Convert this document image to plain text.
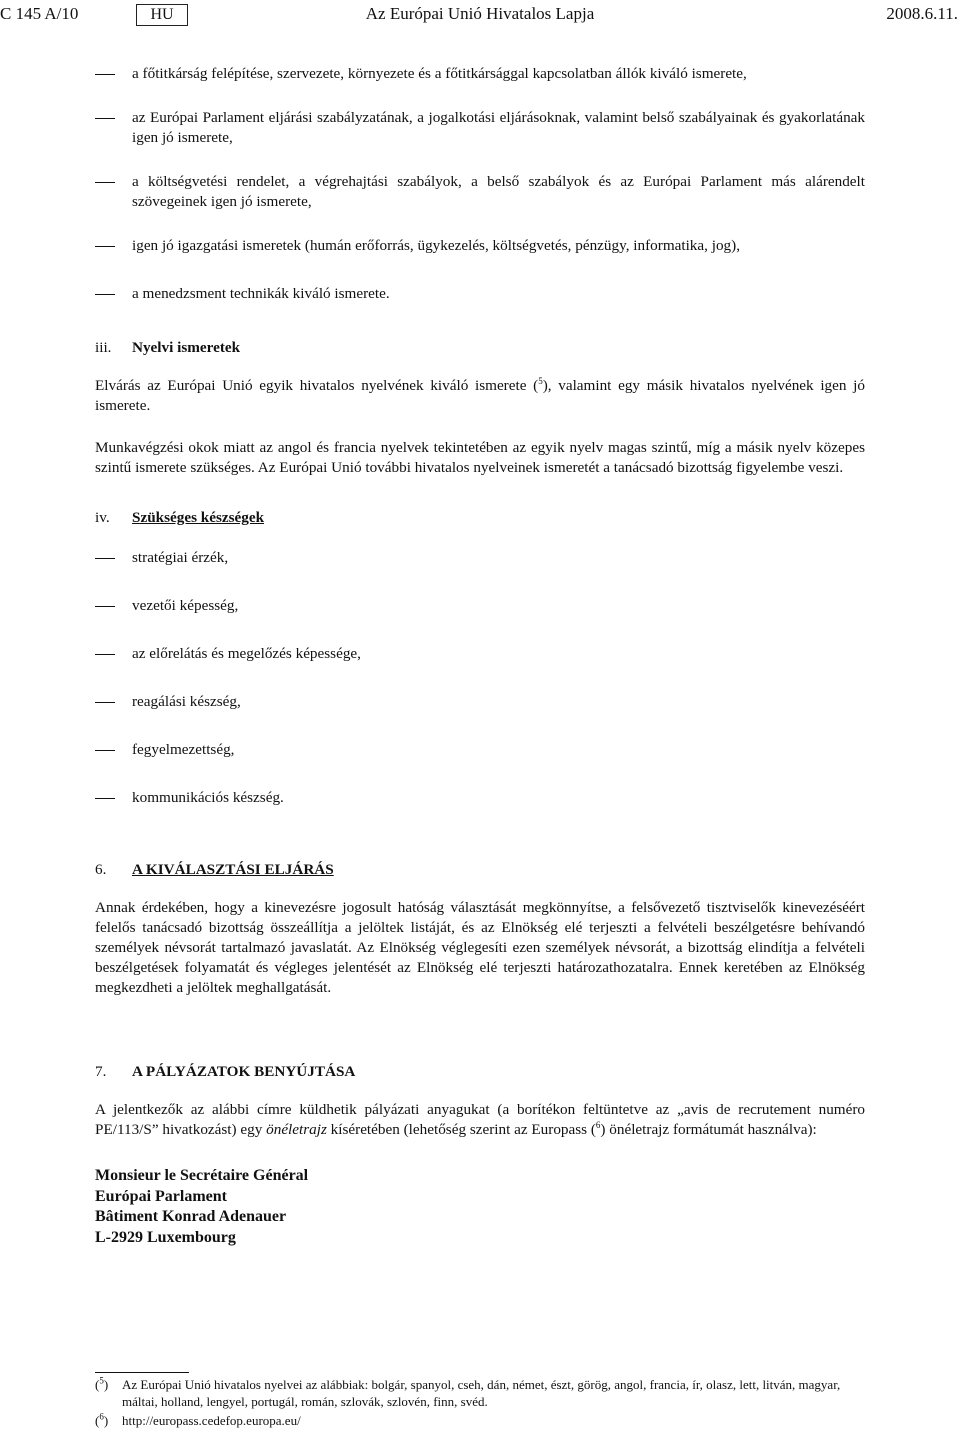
C 145 A/10	HU	Az Európai Unió Hivatalos Lapja	2008.6.11.
a főtitkárság felépítése, szervezete, környezete és a főtitkársággal kapcsolatban állók kiváló ismerete,
az Európai Parlament eljárási szabályzatának, a jogalkotási eljárásoknak, valamint belső szabályainak és gyakorlatának igen jó ismerete,
a költségvetési rendelet, a végrehajtási szabályok, a belső szabályok és az Európai Parlament más alárendelt szövegeinek igen jó ismerete,
igen jó igazgatási ismeretek (humán erőforrás, ügykezelés, költségvetés, pénzügy, informatika, jog),
a menedzsment technikák kiváló ismerete.
iii. Nyelvi ismeretek
Elvárás az Európai Unió egyik hivatalos nyelvének kiváló ismerete ($^5$), valamint egy másik hivatalos nyelvének igen jó ismerete.
Munkavégzési okok miatt az angol és francia nyelvek tekintetében az egyik nyelv magas szintű, míg a másik nyelv közepes szintű ismerete szükséges. Az Európai Unió további hivatalos nyelveinek ismeretét a tanácsadó bizottság figyelembe veszi.
iv. Szükséges készségek
stratégiai érzék,
vezetői képesség,
az előrelátás és megelőzés képessége,
reagálási készség,
fegyelmezettség,
kommunikációs készség.
6. A KIVÁLASZTÁSI ELJÁRÁS
Annak érdekében, hogy a kinevezésre jogosult hatóság választását megkönnyítse, a felsővezető tisztviselők kinevezéséért felelős tanácsadó bizottság összeállítja a jelöltek listáját, és az Elnökség elé terjeszti a felvételi beszélgetésre behívandó személyek névsorát tartalmazó javaslatát. Az Elnökség véglegesíti ezen személyek névsorát, a bizottság elindítja a felvételi beszélgetések folyamatát és végleges jelentését az Elnökség elé terjeszti határozathozatalra. Ennek keretében az Elnökség megkezdheti a jelöltek meghallgatását.
7. A PÁLYÁZATOK BENYÚJTÁSA
A jelentkezők az alábbi címre küldhetik pályázati anyagukat (a borítékon feltüntetve az „avis de recrutement numéro PE/113/S” hivatkozást) egy önéletrajz kíséretében (lehetőség szerint az Europass ($^6$) önéletrajz formátumát használva):
Monsieur le Secrétaire Général
Európai Parlament
Bâtiment Konrad Adenauer
L-2929 Luxembourg
($^5$) Az Európai Unió hivatalos nyelvei az alábbiak: bolgár, spanyol, cseh, dán, német, észt, görög, angol, francia, ír, olasz, lett, litván, magyar, máltai, holland, lengyel, portugál, román, szlovák, szlovén, finn, svéd.
($^6$) http://europass.cedefop.europa.eu/
